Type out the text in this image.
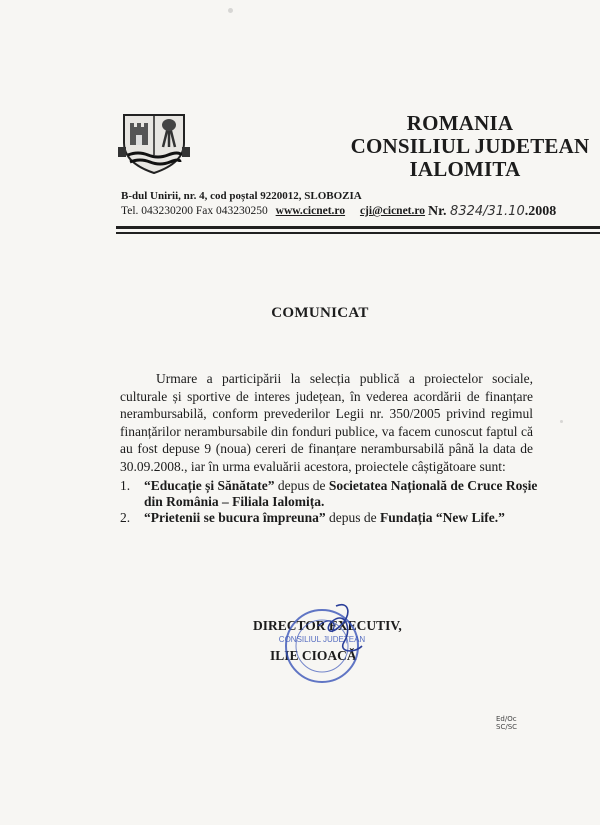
ROMANIA
CONSILIUL JUDETEAN
IALOMITA
B-dul Unirii, nr. 4, cod poștal 9220012, SLOBOZIA
Tel. 043230200 Fax 043230250 www.cicnet.ro cji@cicnet.ro Nr. 8324/31.10.2008
COMUNICAT

Urmare a participării la selecția publică a proiectelor sociale, culturale și sportive de interes județean, în vederea acordării de finanțare nerambursabilă, conform prevederilor Legii nr. 350/2005 privind regimul finanțărilor nerambursabile din fonduri publice, va facem cunoscut faptul că au fost depuse 9 (noua) cereri de finanțare nerambursabilă până la data de 30.09.2008., iar în urma evaluării acestora, proiectele câștigătoare sunt:

1. “Educație și Sănătate” depus de Societatea Națională de Cruce Roșie din România – Filiala Ialomița.
2. “Prietenii se bucura împreuna” depus de Fundația “New Life.”
DIRECTOR EXECUTIV,
ILIE CIOACĂ
CONSILIUL JUDEȚEAN
Ed/Oc
SC/SC
